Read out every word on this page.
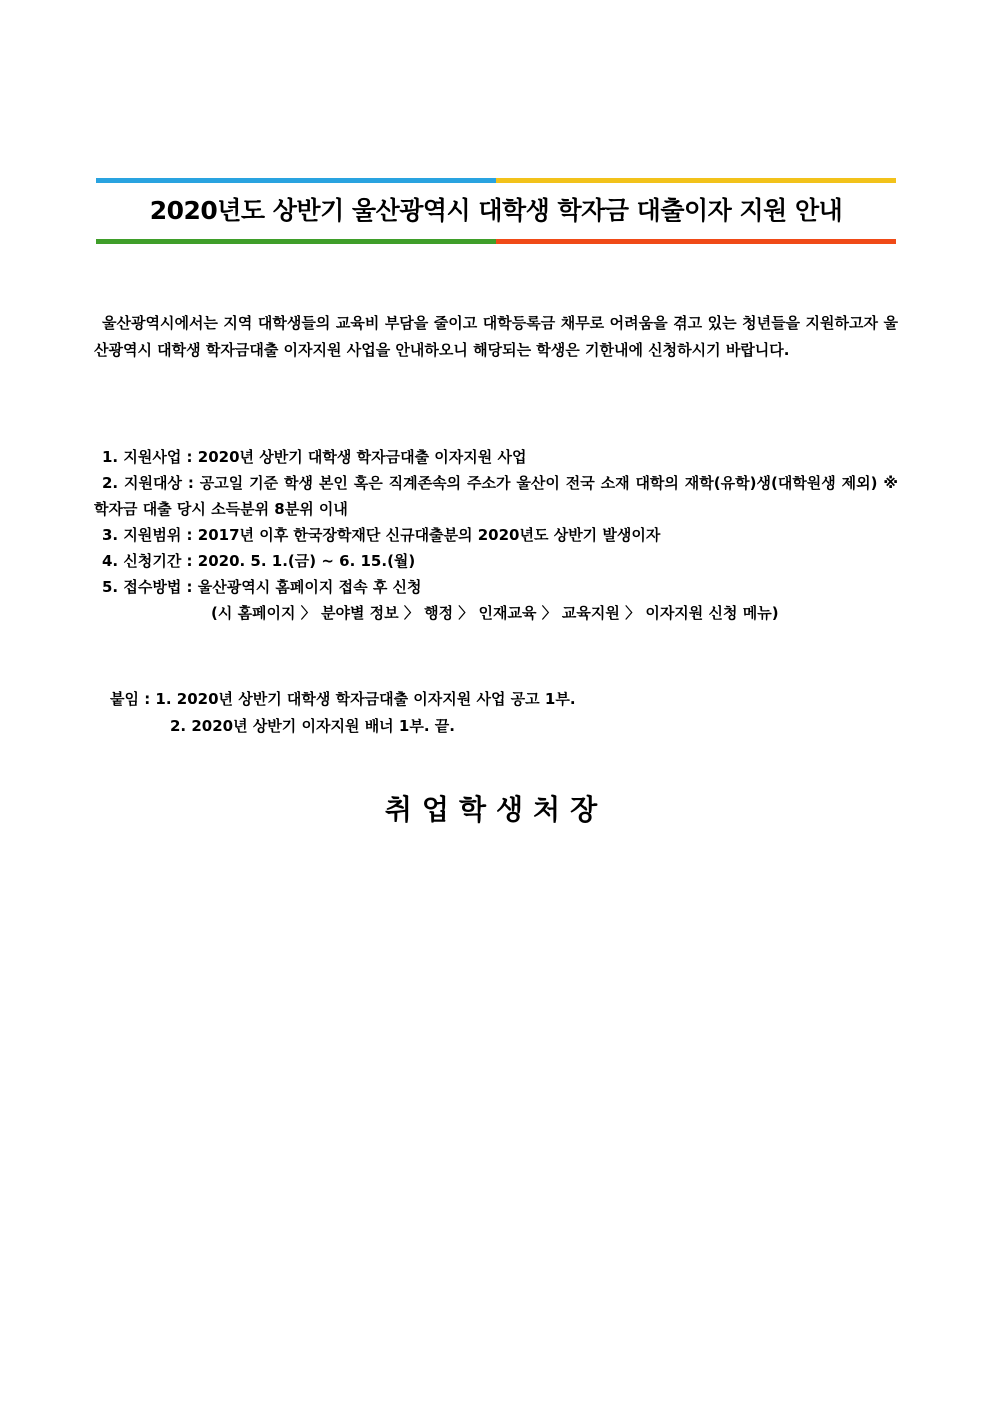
2020년도 상반기 울산광역시 대학생 학자금 대출이자 지원 안내

울산광역시에서는 지역 대학생들의 교육비 부담을 줄이고 대학등록금 채무로 어려움을 겪고 있는 청년들을 지원하고자 울산광역시 대학생 학자금대출 이자지원 사업을 안내하오니 해당되는 학생은 기한내에 신청하시기 바랍니다.

1. 지원사업 : 2020년 상반기 대학생 학자금대출 이자지원 사업

2. 지원대상 : 공고일 기준 학생 본인 혹은 직계존속의 주소가 울산이 전국 소재 대학의 재학(유학)생(대학원생 제외) ※ 학자금 대출 당시 소득분위 8분위 이내

3. 지원범위 : 2017년 이후 한국장학재단 신규대출분의 2020년도 상반기 발생이자

4. 신청기간 : 2020. 5. 1.(금) ~ 6. 15.(월)

5. 접수방법 : 울산광역시 홈페이지 접속 후 신청

(시 홈페이지 〉 분야별 정보 〉 행정 〉 인재교육 〉 교육지원 〉 이자지원 신청 메뉴)

붙임 : 1. 2020년 상반기 대학생 학자금대출 이자지원 사업 공고 1부.
2. 2020년 상반기 이자지원 배너 1부. 끝.
취업학생처장
